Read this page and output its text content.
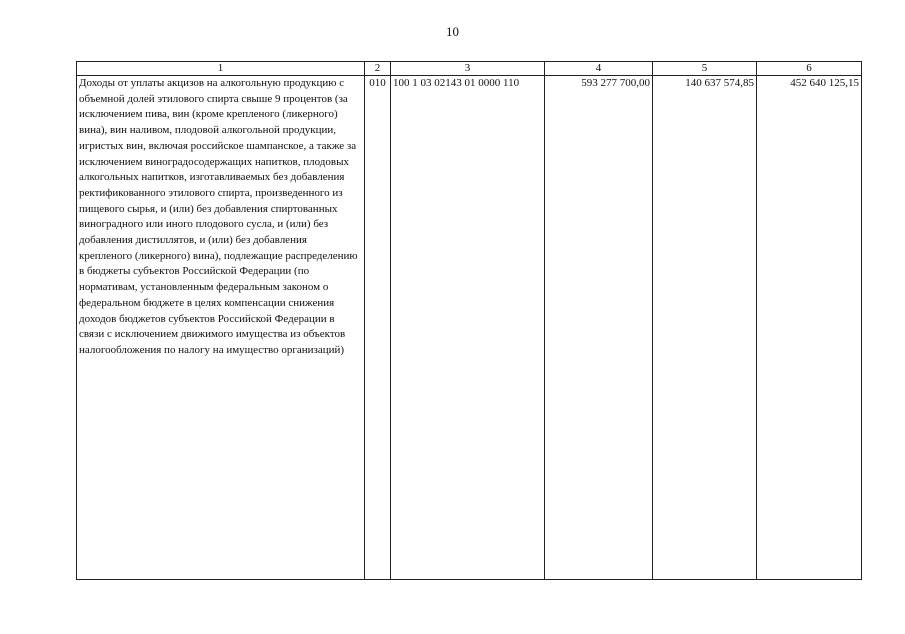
10
1	2	3	4	5	6

Доходы от уплаты акцизов на алкогольную продукцию с объемной долей этилового спирта свыше 9 процентов (за исключением пива, вин (кроме крепленого (ликерного) вина), вин наливом, плодовой алкогольной продукции, игристых вин, включая российское шампанское, а также за исключением виноградосодержащих напитков, плодовых алкогольных напитков, изготавливаемых без добавления ректификованного этилового спирта, произведенного из пищевого сырья, и (или) без добавления спиртованных виноградного или иного плодового сусла, и (или) без добавления дистиллятов, и (или) без добавления крепленого (ликерного) вина), подлежащие распределению в бюджеты субъектов Российской Федерации (по нормативам, установленным федеральным законом о федеральном бюджете в целях компенсации снижения доходов бюджетов субъектов Российской Федерации в связи с исключением движимого имущества из объектов налогообложения по налогу на имущество организаций)	010	100 1 03 02143 01 0000 110	593 277 700,00	140 637 574,85	452 640 125,15
